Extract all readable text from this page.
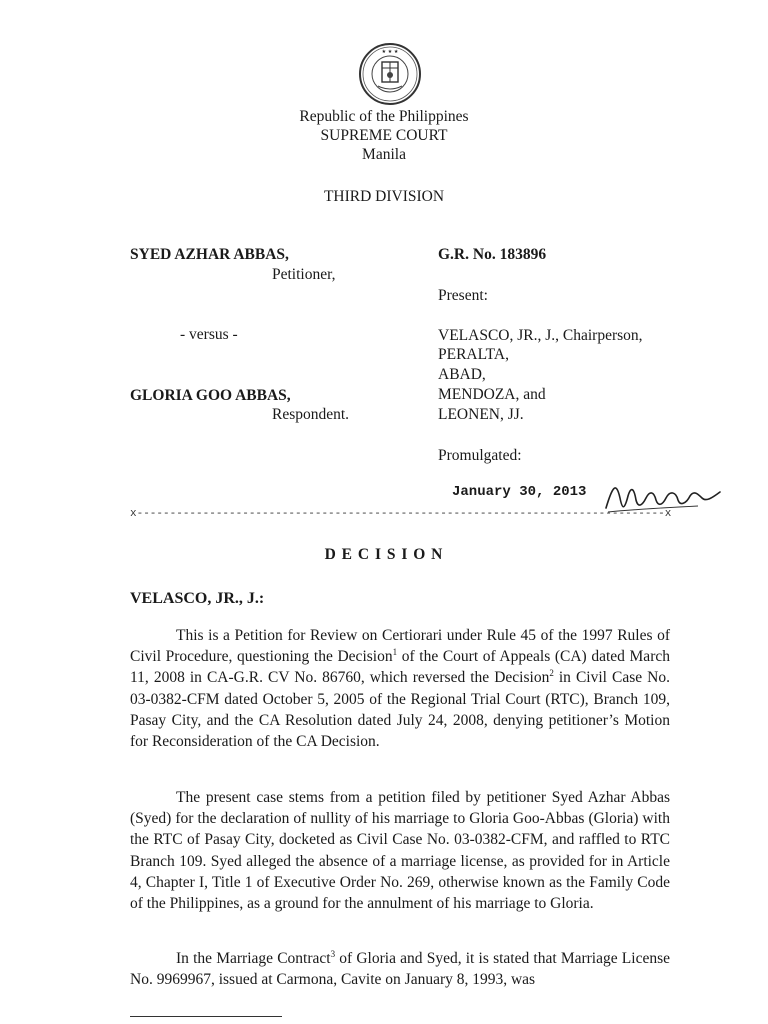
★ ★ ★
Republic of the Philippines
SUPREME COURT
Manila
THIRD DIVISION
SYED AZHAR ABBAS,
Petitioner,
- versus -
GLORIA GOO ABBAS,
Respondent.
G.R. No. 183896
Present:
VELASCO, JR., J., Chairperson,
PERALTA,
ABAD,
MENDOZA, and
LEONEN, JJ.
Promulgated:
January 30, 2013
x--------------------------------------------------------------------------------x
D E C I S I O N
VELASCO, JR., J.:
This is a Petition for Review on Certiorari under Rule 45 of the 1997 Rules of Civil Procedure, questioning the Decision$^1$ of the Court of Appeals (CA) dated March 11, 2008 in CA-G.R. CV No. 86760, which reversed the Decision$^2$ in Civil Case No. 03-0382-CFM dated October 5, 2005 of the Regional Trial Court (RTC), Branch 109, Pasay City, and the CA Resolution dated July 24, 2008, denying petitioner’s Motion for Reconsideration of the CA Decision.
The present case stems from a petition filed by petitioner Syed Azhar Abbas (Syed) for the declaration of nullity of his marriage to Gloria Goo-Abbas (Gloria) with the RTC of Pasay City, docketed as Civil Case No. 03-0382-CFM, and raffled to RTC Branch 109. Syed alleged the absence of a marriage license, as provided for in Article 4, Chapter I, Title 1 of Executive Order No. 269, otherwise known as the Family Code of the Philippines, as a ground for the annulment of his marriage to Gloria.
In the Marriage Contract$^3$ of Gloria and Syed, it is stated that Marriage License No. 9969967, issued at Carmona, Cavite on January 8, 1993, was
